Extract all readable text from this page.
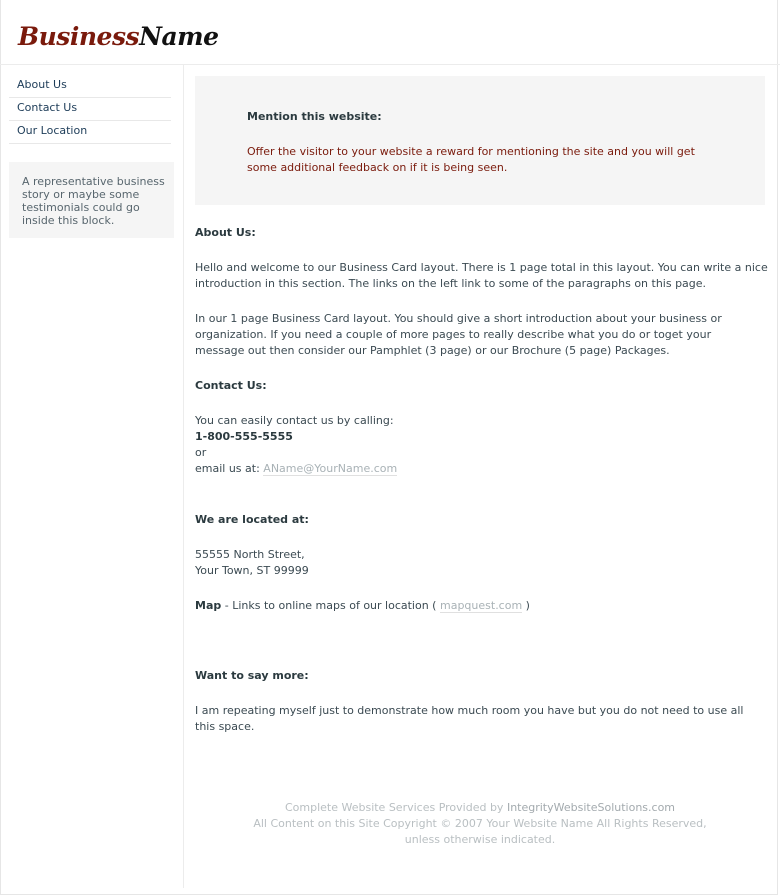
BusinessName
About Us
Contact Us
Our Location
A representative business story or maybe some testimonials could go inside this block.

Mention this website:

Offer the visitor to your website a reward for mentioning the site and you will get some additional feedback on if it is being seen.

About Us:

Hello and welcome to our Business Card layout. There is 1 page total in this layout. You can write a nice introduction in this section. The links on the left link to some of the paragraphs on this page.

In our 1 page Business Card layout. You should give a short introduction about your business or organization. If you need a couple of more pages to really describe what you do or toget your message out then consider our Pamphlet (3 page) or our Brochure (5 page) Packages.

Contact Us:

You can easily contact us by calling:

1-800-555-5555

or

email us at: AName@YourName.com

We are located at:

55555 North Street,

Your Town, ST 99999

Map - Links to online maps of our location ( mapquest.com )

Want to say more:

I am repeating myself just to demonstrate how much room you have but you do not need to use all this space.

Complete Website Services Provided by IntegrityWebsiteSolutions.com
All Content on this Site Copyright © 2007 Your Website Name All Rights Reserved,
unless otherwise indicated.
